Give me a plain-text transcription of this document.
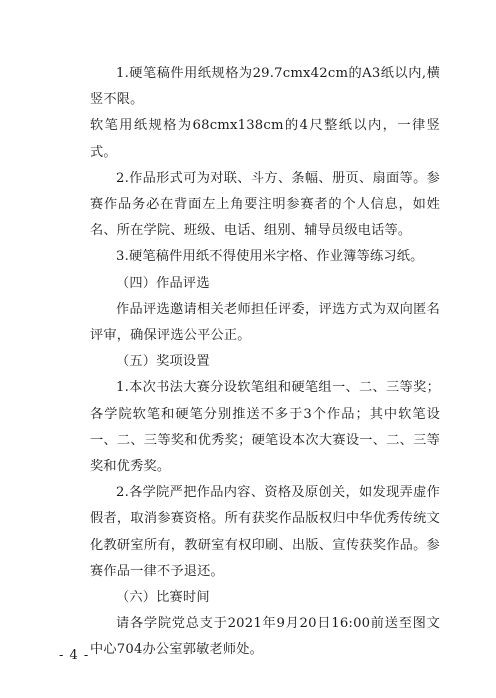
1.硬笔稿件用纸规格为29.7cmx42cm的A3纸以内,横竖不限。

软笔用纸规格为68cmx138cm的4尺整纸以内，一律竖式。

2.作品形式可为对联、斗方、条幅、册页、扇面等。参赛作品务必在背面左上角要注明参赛者的个人信息，如姓名、所在学院、班级、电话、组别、辅导员级电话等。

3.硬笔稿件用纸不得使用米字格、作业簿等练习纸。

（四）作品评选

作品评选邀请相关老师担任评委，评选方式为双向匿名评审，确保评选公平公正。

（五）奖项设置

1.本次书法大赛分设软笔组和硬笔组一、二、三等奖；各学院软笔和硬笔分别推送不多于3个作品；其中软笔设一、二、三等奖和优秀奖；硬笔设本次大赛设一、二、三等奖和优秀奖。

2.各学院严把作品内容、资格及原创关，如发现弄虚作假者，取消参赛资格。所有获奖作品版权归中华优秀传统文化教研室所有，教研室有权印刷、出版、宣传获奖作品。参赛作品一律不予退还。

（六）比赛时间

请各学院党总支于2021年9月20日16:00前送至图文中心704办公室郭敏老师处。

- 4 -
